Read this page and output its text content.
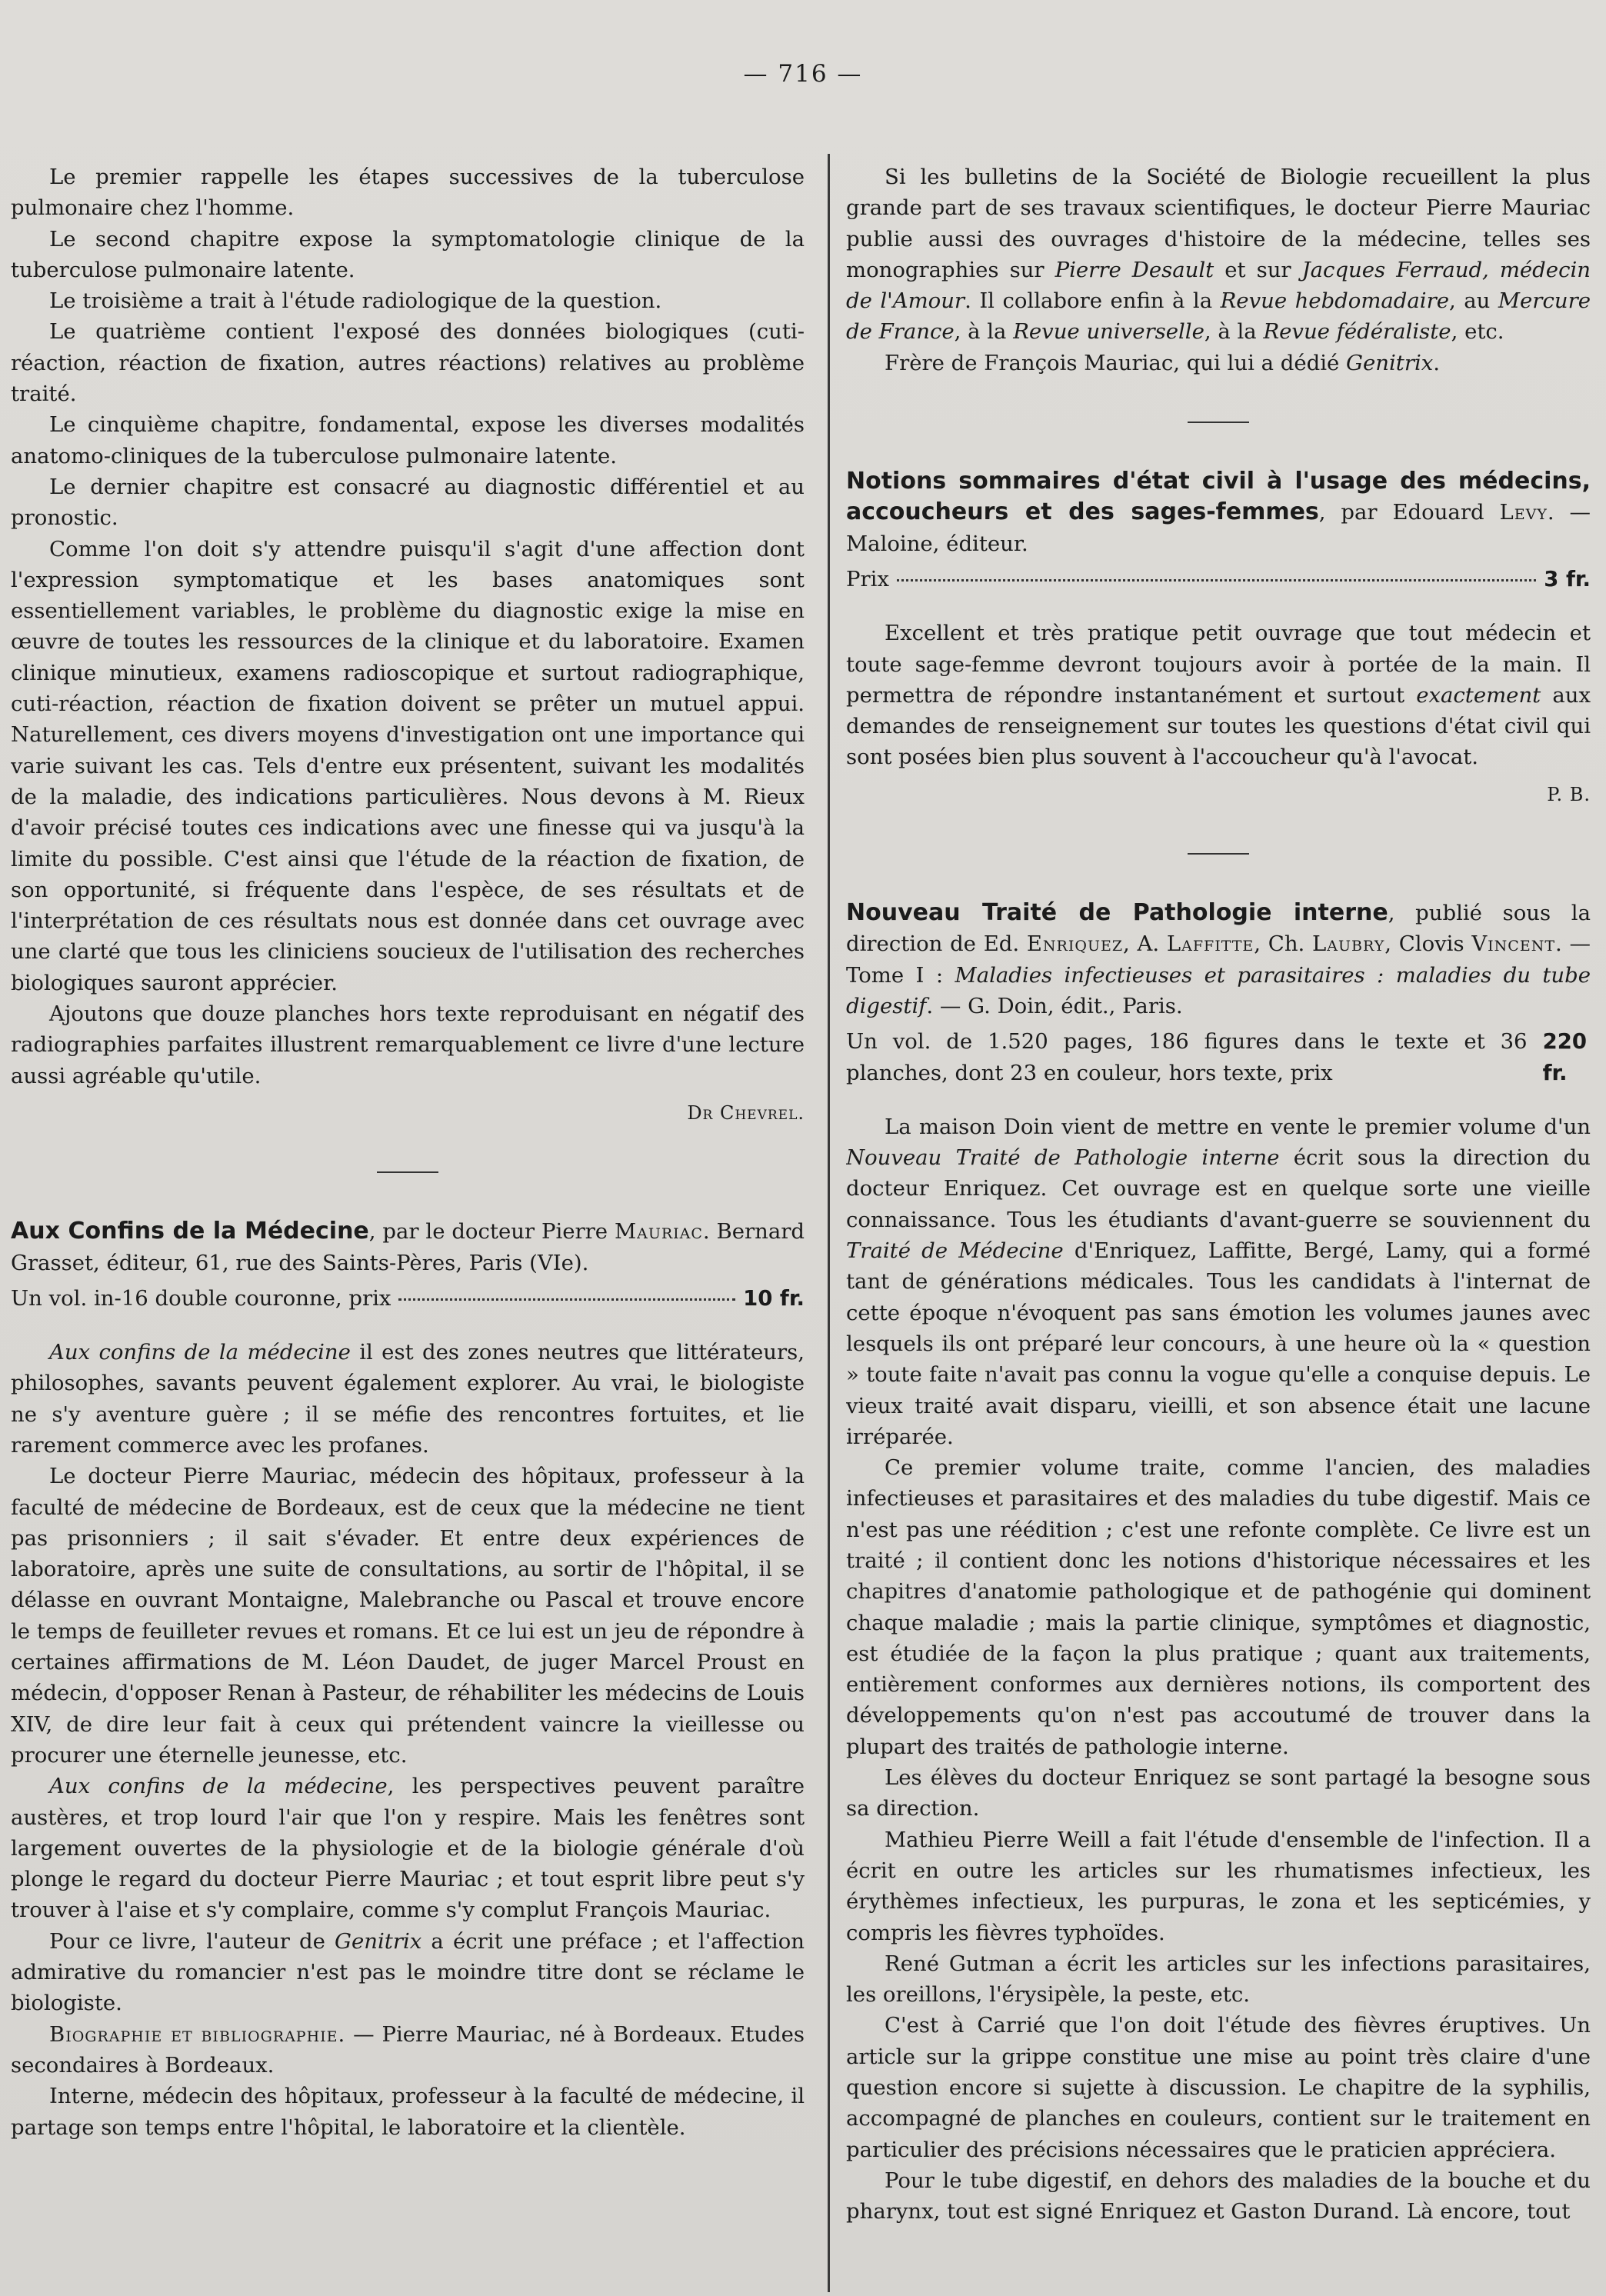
— 716 —

Le premier rappelle les étapes successives de la tuberculose pulmonaire chez l'homme.

Le second chapitre expose la symptomatologie clinique de la tuberculose pulmonaire latente.

Le troisième a trait à l'étude radiologique de la question.

Le quatrième contient l'exposé des données biologiques (cuti-réaction, réaction de fixation, autres réactions) relatives au problème traité.

Le cinquième chapitre, fondamental, expose les diverses modalités anatomo-cliniques de la tuberculose pulmonaire latente.

Le dernier chapitre est consacré au diagnostic différentiel et au pronostic.

Comme l'on doit s'y attendre puisqu'il s'agit d'une affection dont l'expression symptomatique et les bases anatomiques sont essentiellement variables, le problème du diagnostic exige la mise en œuvre de toutes les ressources de la clinique et du laboratoire. Examen clinique minutieux, examens radioscopique et surtout radiographique, cuti-réaction, réaction de fixation doivent se prêter un mutuel appui. Naturellement, ces divers moyens d'investigation ont une importance qui varie suivant les cas. Tels d'entre eux présentent, suivant les modalités de la maladie, des indications particulières. Nous devons à M. Rieux d'avoir précisé toutes ces indications avec une finesse qui va jusqu'à la limite du possible. C'est ainsi que l'étude de la réaction de fixation, de son opportunité, si fréquente dans l'espèce, de ses résultats et de l'interprétation de ces résultats nous est donnée dans cet ouvrage avec une clarté que tous les cliniciens soucieux de l'utilisation des recherches biologiques sauront apprécier.

Ajoutons que douze planches hors texte reproduisant en négatif des radiographies parfaites illustrent remarquablement ce livre d'une lecture aussi agréable qu'utile.

Dr Chevrel.

Aux Confins de la Médecine, par le docteur Pierre Mauriac. Bernard Grasset, éditeur, 61, rue des Saints-Pères, Paris (VIe).

Un vol. in-16 double couronne, prix	10 fr.

Aux confins de la médecine il est des zones neutres que littérateurs, philosophes, savants peuvent également explorer. Au vrai, le biologiste ne s'y aventure guère ; il se méfie des rencontres fortuites, et lie rarement commerce avec les profanes.

Le docteur Pierre Mauriac, médecin des hôpitaux, professeur à la faculté de médecine de Bordeaux, est de ceux que la médecine ne tient pas prisonniers ; il sait s'évader. Et entre deux expériences de laboratoire, après une suite de consultations, au sortir de l'hôpital, il se délasse en ouvrant Montaigne, Malebranche ou Pascal et trouve encore le temps de feuilleter revues et romans. Et ce lui est un jeu de répondre à certaines affirmations de M. Léon Daudet, de juger Marcel Proust en médecin, d'opposer Renan à Pasteur, de réhabiliter les médecins de Louis XIV, de dire leur fait à ceux qui prétendent vaincre la vieillesse ou procurer une éternelle jeunesse, etc.

Aux confins de la médecine, les perspectives peuvent paraître austères, et trop lourd l'air que l'on y respire. Mais les fenêtres sont largement ouvertes de la physiologie et de la biologie générale d'où plonge le regard du docteur Pierre Mauriac ; et tout esprit libre peut s'y trouver à l'aise et s'y complaire, comme s'y complut François Mauriac.

Pour ce livre, l'auteur de Genitrix a écrit une préface ; et l'affection admirative du romancier n'est pas le moindre titre dont se réclame le biologiste.

Biographie et bibliographie. — Pierre Mauriac, né à Bordeaux. Etudes secondaires à Bordeaux.

Interne, médecin des hôpitaux, professeur à la faculté de médecine, il partage son temps entre l'hôpital, le laboratoire et la clientèle.

Si les bulletins de la Société de Biologie recueillent la plus grande part de ses travaux scientifiques, le docteur Pierre Mauriac publie aussi des ouvrages d'histoire de la médecine, telles ses monographies sur Pierre Desault et sur Jacques Ferraud, médecin de l'Amour. Il collabore enfin à la Revue hebdomadaire, au Mercure de France, à la Revue universelle, à la Revue fédéraliste, etc.

Frère de François Mauriac, qui lui a dédié Genitrix.

Notions sommaires d'état civil à l'usage des médecins, accoucheurs et des sages-femmes, par Edouard Levy. — Maloine, éditeur.

Prix	3 fr.

Excellent et très pratique petit ouvrage que tout médecin et toute sage-femme devront toujours avoir à portée de la main. Il permettra de répondre instantanément et surtout exactement aux demandes de renseignement sur toutes les questions d'état civil qui sont posées bien plus souvent à l'accoucheur qu'à l'avocat.

P. B.

Nouveau Traité de Pathologie interne, publié sous la direction de Ed. Enriquez, A. Laffitte, Ch. Laubry, Clovis Vincent. — Tome I : Maladies infectieuses et parasitaires : maladies du tube digestif. — G. Doin, édit., Paris.

Un vol. de 1.520 pages, 186 figures dans le texte et 36 planches, dont 23 en couleur, hors texte, prix
220 fr.

La maison Doin vient de mettre en vente le premier volume d'un Nouveau Traité de Pathologie interne écrit sous la direction du docteur Enriquez. Cet ouvrage est en quelque sorte une vieille connaissance. Tous les étudiants d'avant-guerre se souviennent du Traité de Médecine d'Enriquez, Laffitte, Bergé, Lamy, qui a formé tant de générations médicales. Tous les candidats à l'internat de cette époque n'évoquent pas sans émotion les volumes jaunes avec lesquels ils ont préparé leur concours, à une heure où la « question » toute faite n'avait pas connu la vogue qu'elle a conquise depuis. Le vieux traité avait disparu, vieilli, et son absence était une lacune irréparée.

Ce premier volume traite, comme l'ancien, des maladies infectieuses et parasitaires et des maladies du tube digestif. Mais ce n'est pas une réédition ; c'est une refonte complète. Ce livre est un traité ; il contient donc les notions d'historique nécessaires et les chapitres d'anatomie pathologique et de pathogénie qui dominent chaque maladie ; mais la partie clinique, symptômes et diagnostic, est étudiée de la façon la plus pratique ; quant aux traitements, entièrement conformes aux dernières notions, ils comportent des développements qu'on n'est pas accoutumé de trouver dans la plupart des traités de pathologie interne.

Les élèves du docteur Enriquez se sont partagé la besogne sous sa direction.

Mathieu Pierre Weill a fait l'étude d'ensemble de l'infection. Il a écrit en outre les articles sur les rhumatismes infectieux, les érythèmes infectieux, les purpuras, le zona et les septicémies, y compris les fièvres typhoïdes.

René Gutman a écrit les articles sur les infections parasitaires, les oreillons, l'érysipèle, la peste, etc.

C'est à Carrié que l'on doit l'étude des fièvres éruptives. Un article sur la grippe constitue une mise au point très claire d'une question encore si sujette à discussion. Le chapitre de la syphilis, accompagné de planches en couleurs, contient sur le traitement en particulier des précisions nécessaires que le praticien appréciera.

Pour le tube digestif, en dehors des maladies de la bouche et du pharynx, tout est signé Enriquez et Gaston Durand. Là encore, tout
